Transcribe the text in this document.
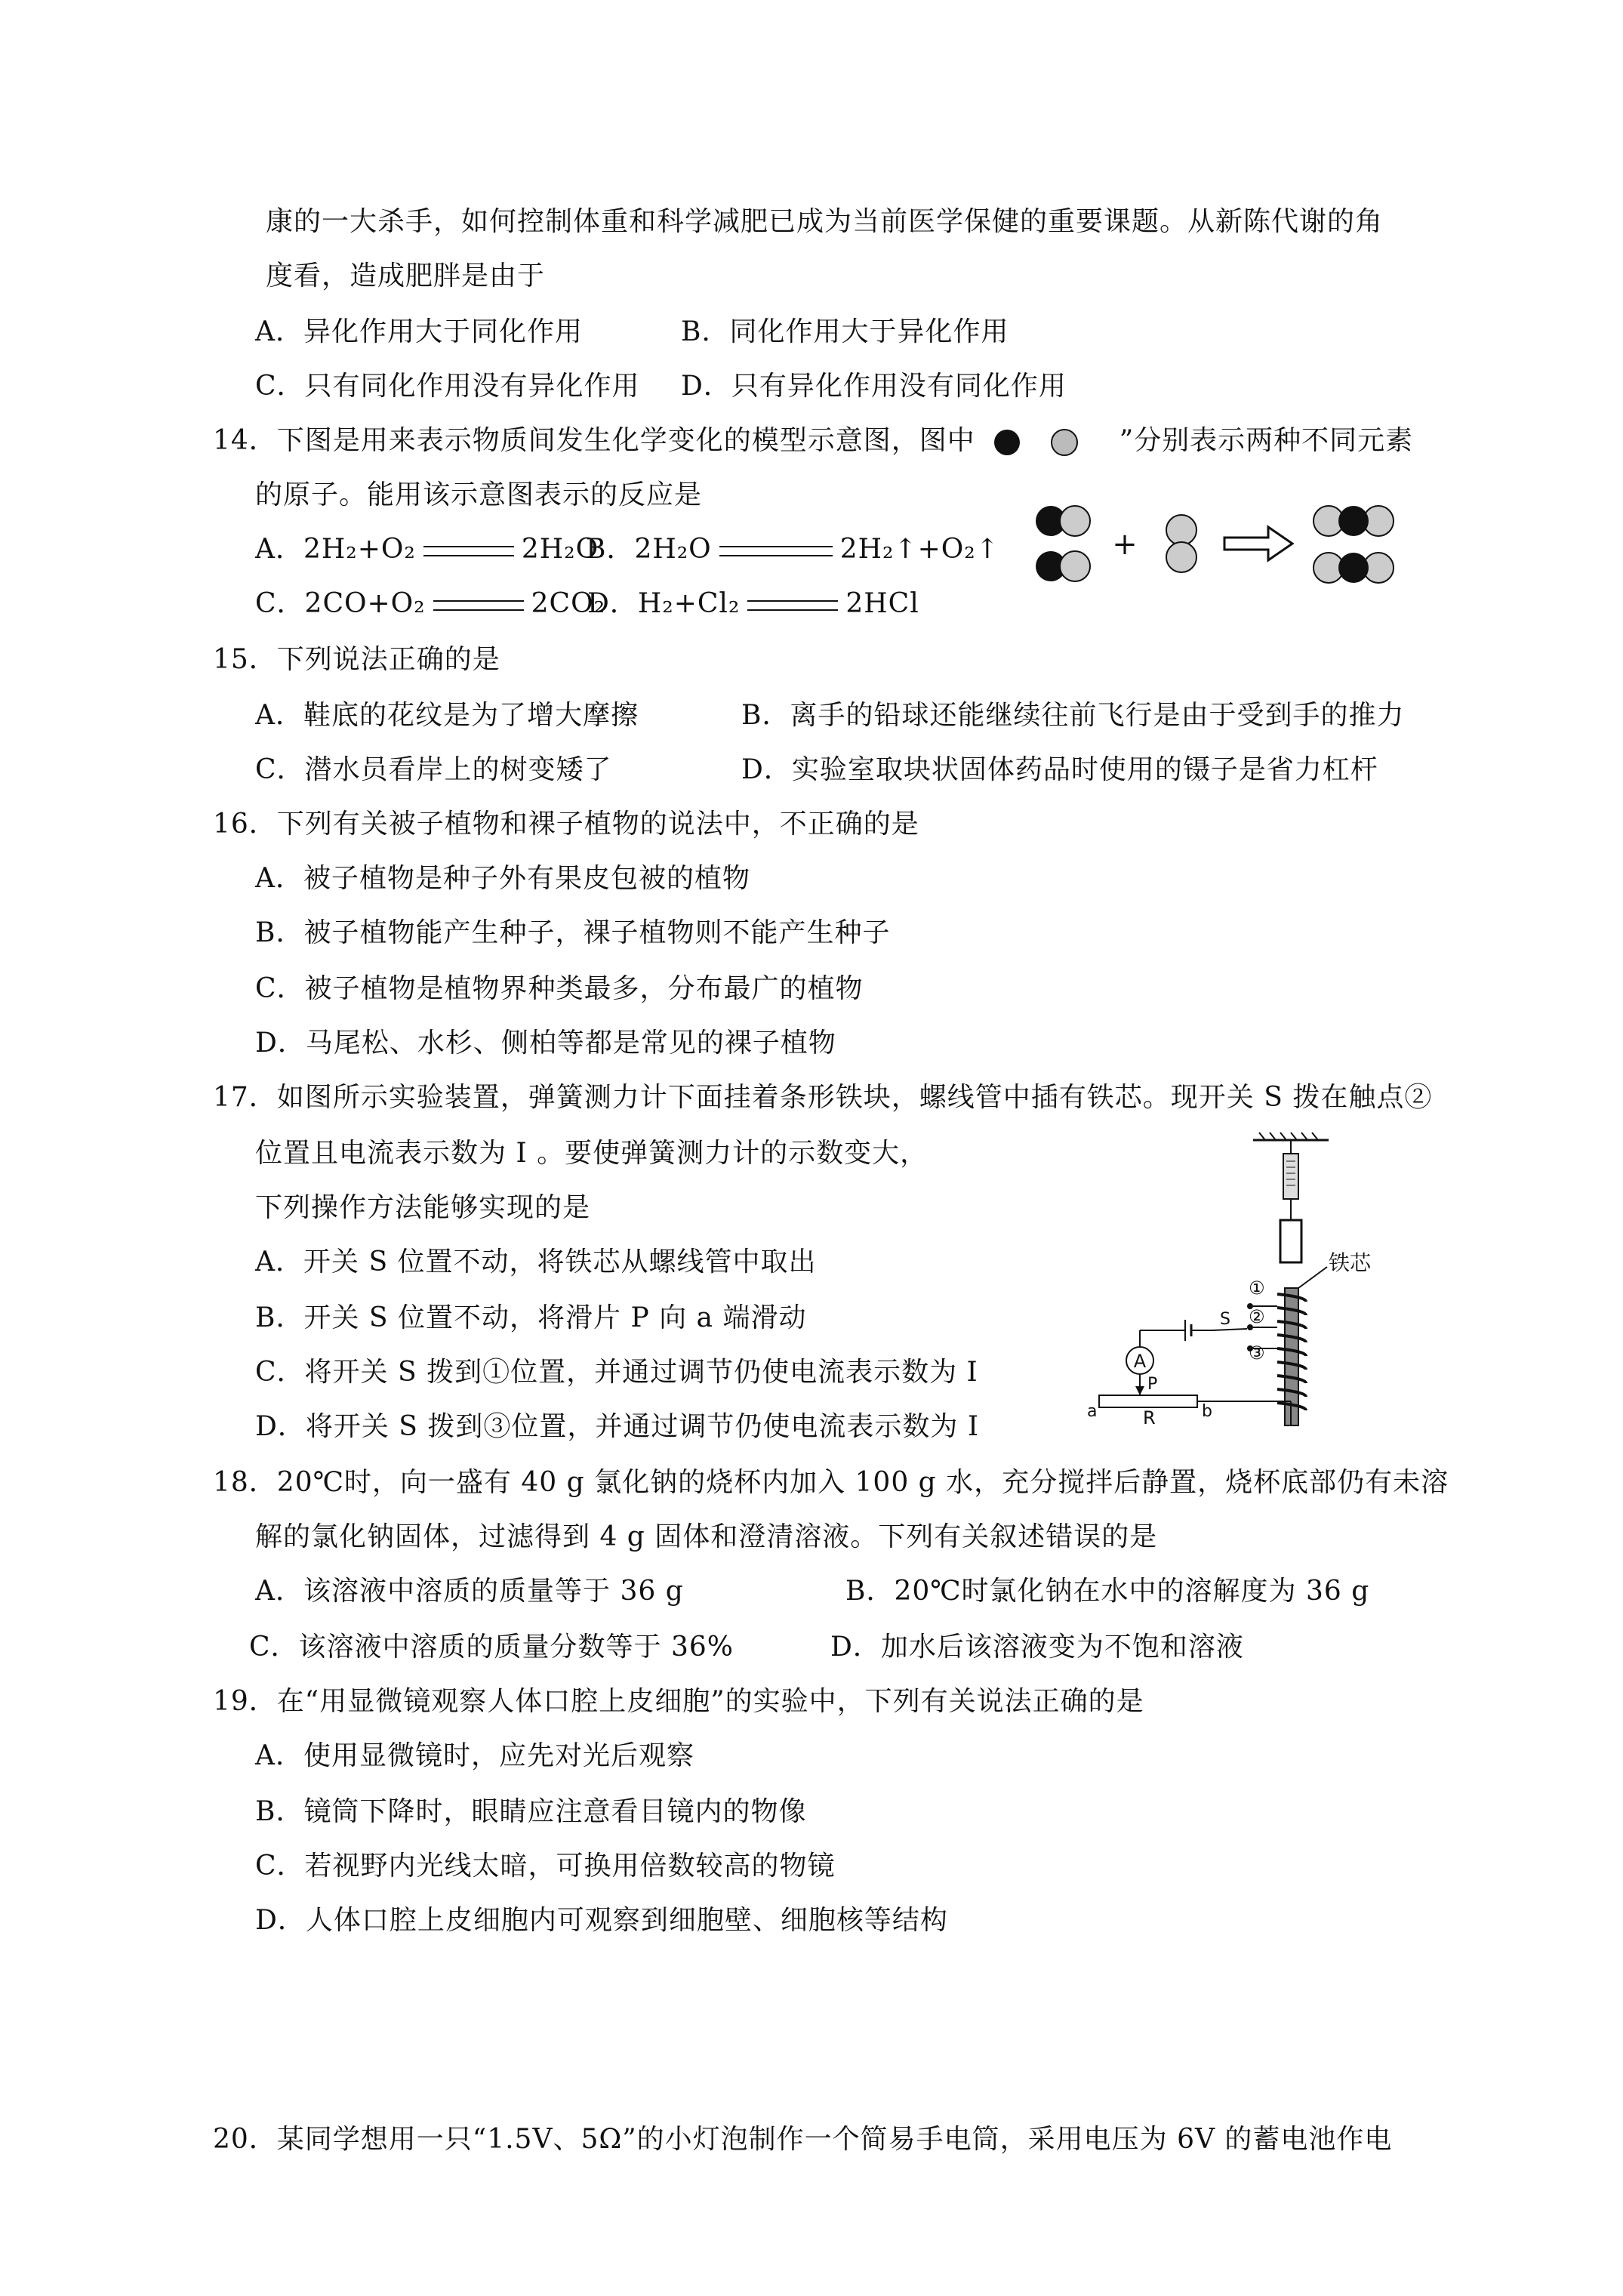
康的一大杀手，如何控制体重和科学减肥已成为当前医学保健的重要课题。从新陈代谢的角
度看，造成肥胖是由于
A．异化作用大于同化作用	B．同化作用大于异化作用
C．只有同化作用没有异化作用 D．只有异化作用没有同化作用
14．下图是用来表示物质间发生化学变化的模型示意图，图中	”分别表示两种不同元素
的原子。能用该示意图表示的反应是
A．2H₂+O₂	2H₂O
B．2H₂O	2H₂↑+O₂↑
C．2CO+O₂	2CO₂
D．H₂+Cl₂	2HCl
+
15．下列说法正确的是
A．鞋底的花纹是为了增大摩擦	B．离手的铅球还能继续往前飞行是由于受到手的推力
C．潜水员看岸上的树变矮了	D．实验室取块状固体药品时使用的镊子是省力杠杆
16．下列有关被子植物和裸子植物的说法中，不正确的是
A．被子植物是种子外有果皮包被的植物
B．被子植物能产生种子，裸子植物则不能产生种子
C．被子植物是植物界种类最多，分布最广的植物
D．马尾松、水杉、侧柏等都是常见的裸子植物
17．如图所示实验装置，弹簧测力计下面挂着条形铁块，螺线管中插有铁芯。现开关 S 拨在触点②
位置且电流表示数为 I 。要使弹簧测力计的示数变大，
下列操作方法能够实现的是
A．开关 S 位置不动，将铁芯从螺线管中取出
B．开关 S 位置不动，将滑片 P 向 a 端滑动
C．将开关 S 拨到①位置，并通过调节仍使电流表示数为 I
D．将开关 S 拨到③位置，并通过调节仍使电流表示数为 I
铁芯
①
②
③
S
A
P
a	R	b
18．20℃时，向一盛有 40 g 氯化钠的烧杯内加入 100 g 水，充分搅拌后静置，烧杯底部仍有未溶
解的氯化钠固体，过滤得到 4 g 固体和澄清溶液。下列有关叙述错误的是
A．该溶液中溶质的质量等于 36 g	B．20℃时氯化钠在水中的溶解度为 36 g
C．该溶液中溶质的质量分数等于 36%	D．加水后该溶液变为不饱和溶液
19．在“用显微镜观察人体口腔上皮细胞”的实验中，下列有关说法正确的是
A．使用显微镜时，应先对光后观察
B．镜筒下降时，眼睛应注意看目镜内的物像
C．若视野内光线太暗，可换用倍数较高的物镜
D．人体口腔上皮细胞内可观察到细胞壁、细胞核等结构
20．某同学想用一只“1.5V、5Ω”的小灯泡制作一个简易手电筒，采用电压为 6V 的蓄电池作电
